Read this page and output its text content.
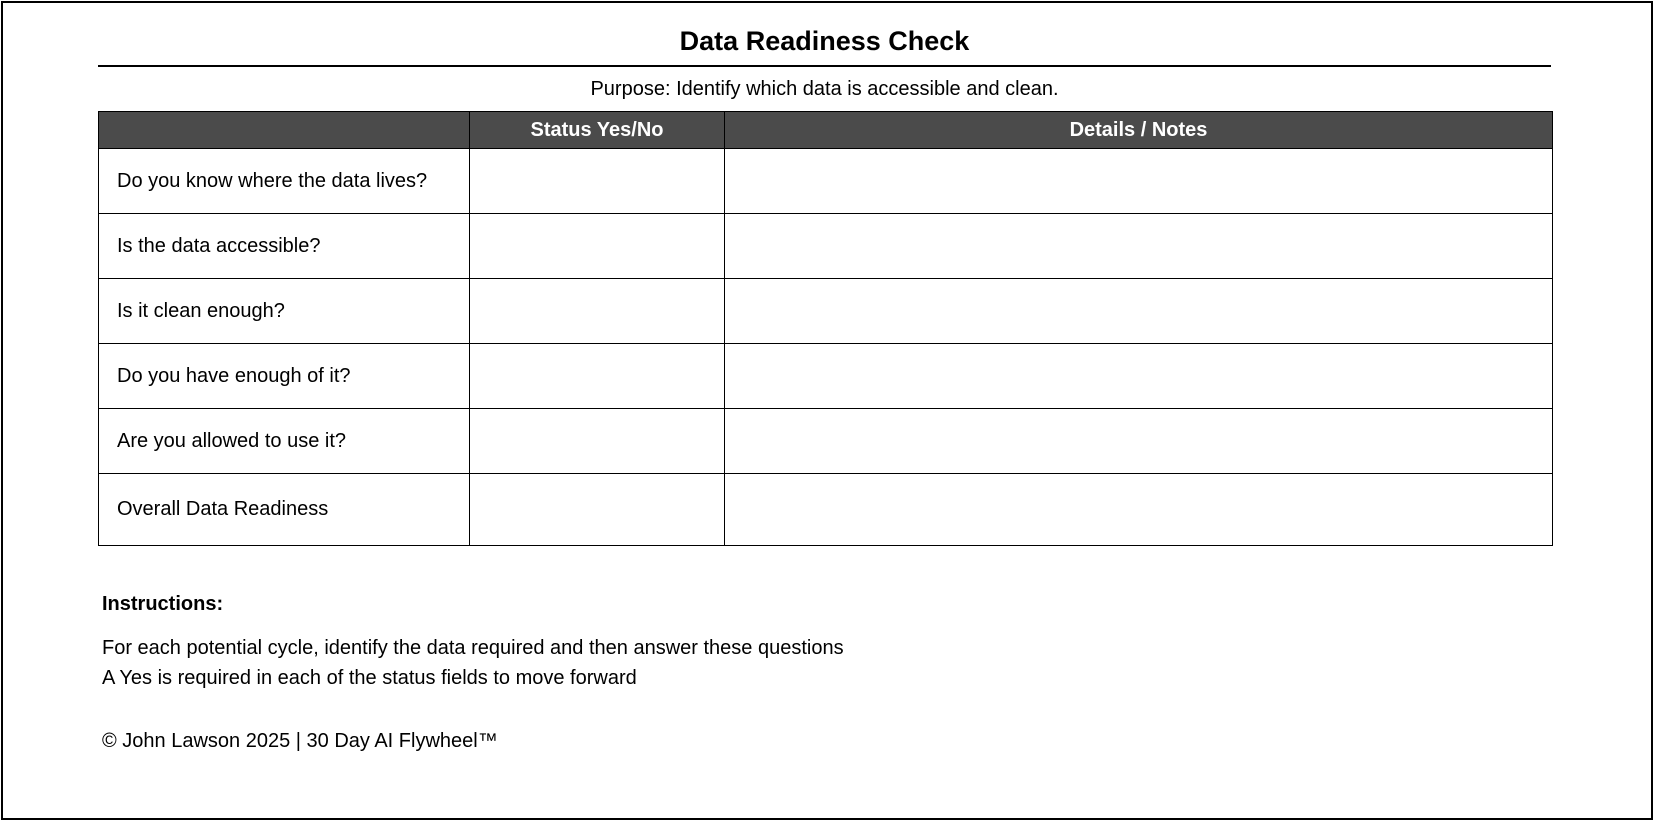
Data Readiness Check
Purpose: Identify which data is accessible and clean.
	Status Yes/No	Details / Notes
Do you know where the data lives?		
Is the data accessible?		
Is it clean enough?		
Do you have enough of it?		
Are you allowed to use it?		
Overall Data Readiness		
Instructions:
For each potential cycle, identify the data required and then answer these questions
A Yes is required in each of the status fields to move forward
© John Lawson 2025 | 30 Day AI Flywheel™
